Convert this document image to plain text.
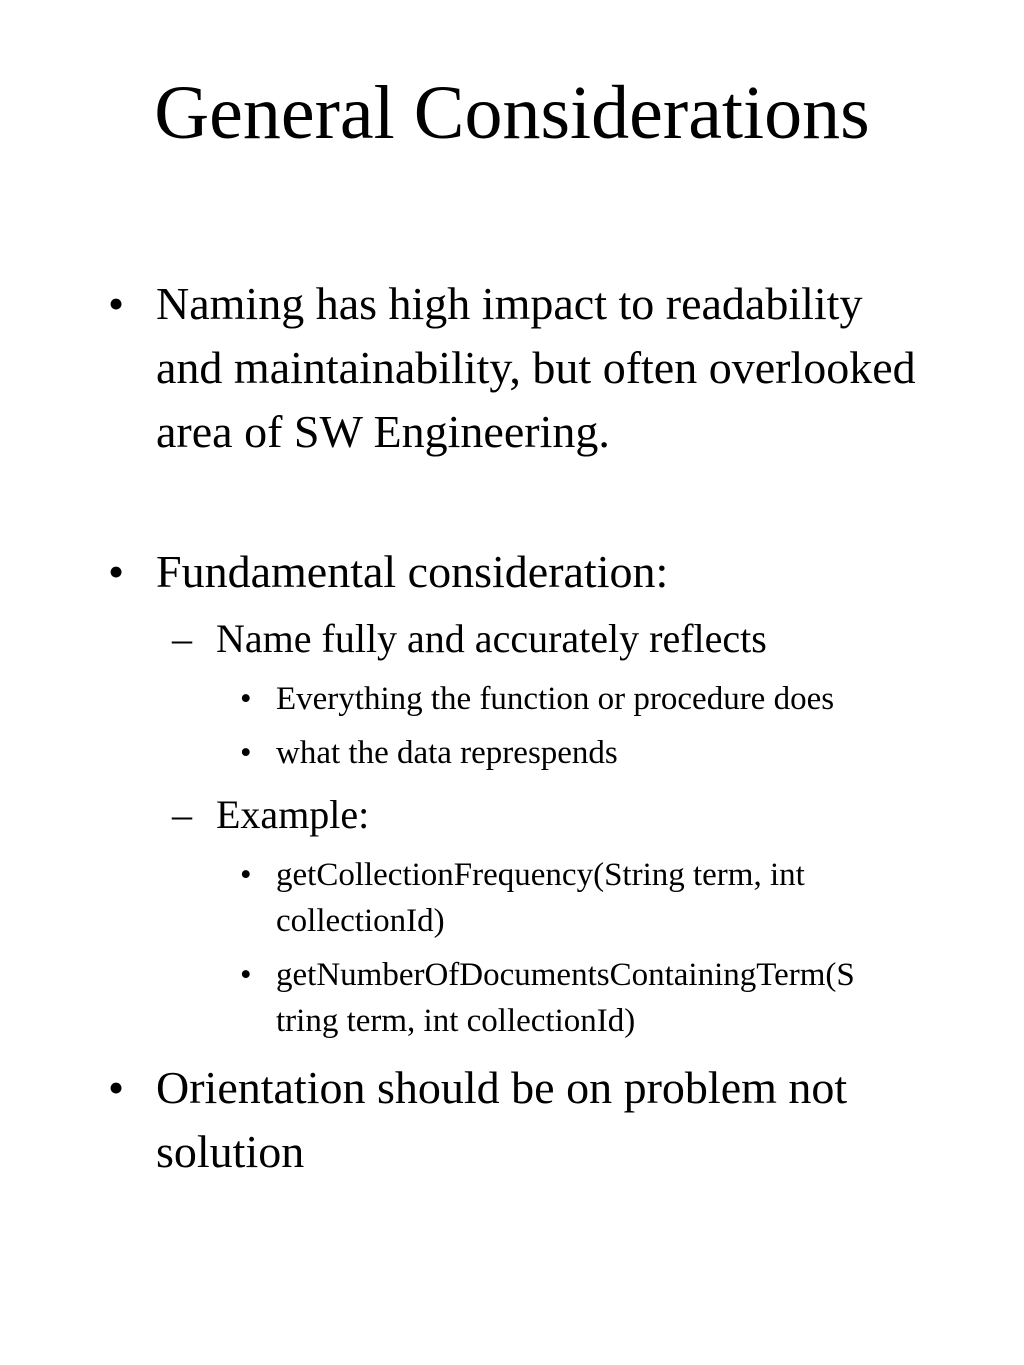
General Considerations
• Naming has high impact to readability and maintainability, but often overlooked area of SW Engineering.
• Fundamental consideration:
– Name fully and accurately reflects
• Everything the function or procedure does
• what the data represpends
– Example:
• getCollectionFrequency(String term, int
collectionId)
• getNumberOfDocumentsContainingTerm(S
tring term, int collectionId)
• Orientation should be on problem not solution
